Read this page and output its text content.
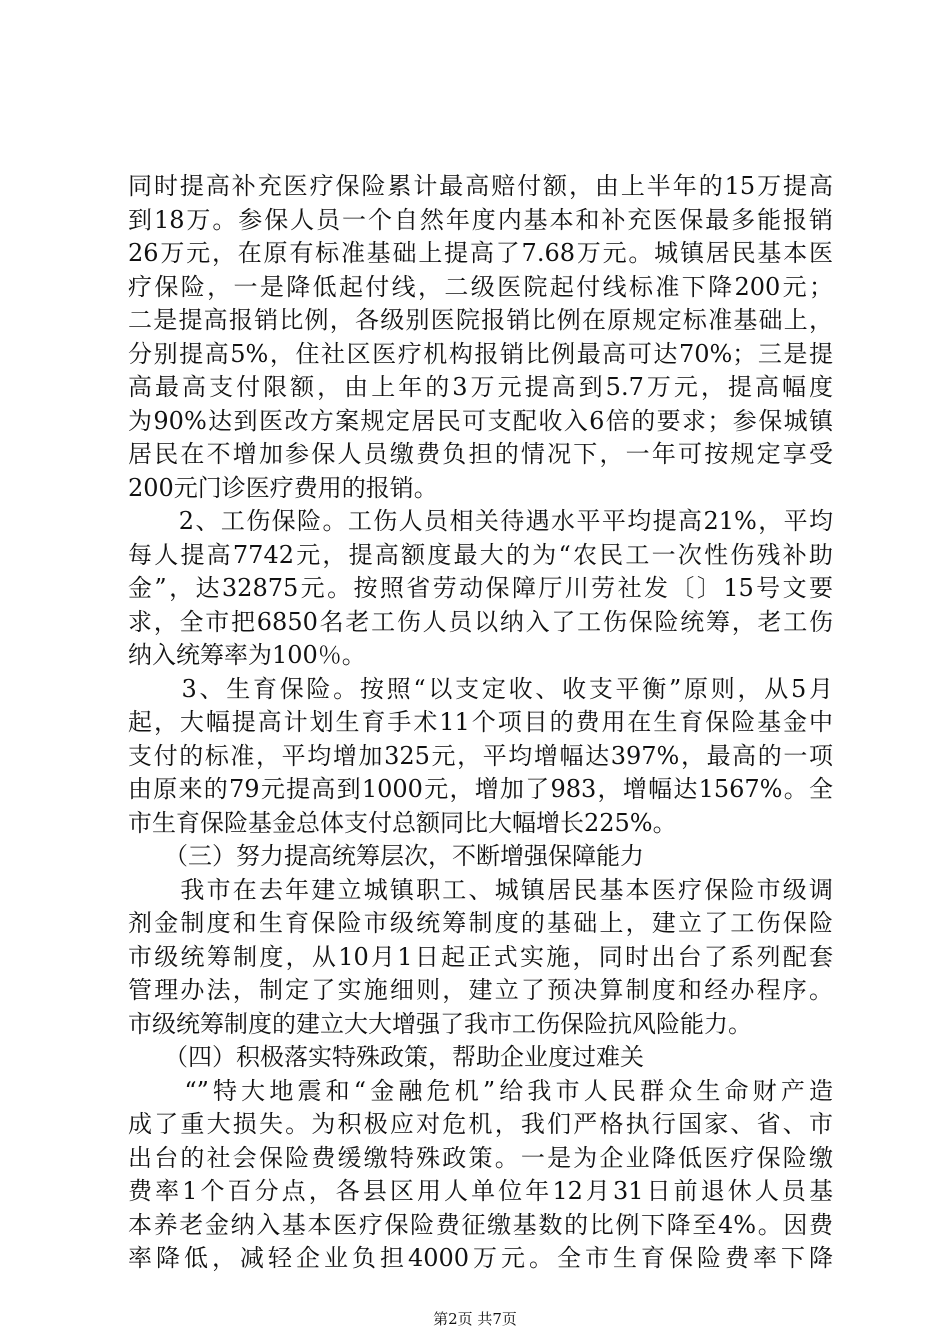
同时提高补充医疗保险累计最高赔付额，由上半年的15万提高
到18万。参保人员一个自然年度内基本和补充医保最多能报销
26万元，在原有标准基础上提高了7.68万元。城镇居民基本医
疗保险，一是降低起付线，二级医院起付线标准下降200元；
二是提高报销比例，各级别医院报销比例在原规定标准基础上，
分别提高5%，住社区医疗机构报销比例最高可达70%；三是提
高最高支付限额，由上年的3万元提高到5.7万元，提高幅度
为90%达到医改方案规定居民可支配收入6倍的要求；参保城镇
居民在不增加参保人员缴费负担的情况下，一年可按规定享受
200元门诊医疗费用的报销。
　　2、工伤保险。工伤人员相关待遇水平平均提高21%，平均
每人提高7742元，提高额度最大的为“农民工一次性伤残补助
金”，达32875元。按照省劳动保障厅川劳社发〔〕15号文要
求，全市把6850名老工伤人员以纳入了工伤保险统筹，老工伤
纳入统筹率为100％。
　　3、生育保险。按照“以支定收、收支平衡”原则，从5月
起，大幅提高计划生育手术11个项目的费用在生育保险基金中
支付的标准，平均增加325元，平均增幅达397%，最高的一项
由原来的79元提高到1000元，增加了983，增幅达1567%。全
市生育保险基金总体支付总额同比大幅增长225%。
　　（三）努力提高统筹层次，不断增强保障能力
　　我市在去年建立城镇职工、城镇居民基本医疗保险市级调
剂金制度和生育保险市级统筹制度的基础上，建立了工伤保险
市级统筹制度，从10月1日起正式实施，同时出台了系列配套
管理办法，制定了实施细则，建立了预决算制度和经办程序。
市级统筹制度的建立大大增强了我市工伤保险抗风险能力。
　　（四）积极落实特殊政策，帮助企业度过难关
　　“”特大地震和“金融危机”给我市人民群众生命财产造
成了重大损失。为积极应对危机，我们严格执行国家、省、市
出台的社会保险费缓缴特殊政策。一是为企业降低医疗保险缴
费率1个百分点，各县区用人单位年12月31日前退休人员基
本养老金纳入基本医疗保险费征缴基数的比例下降至4%。因费
率降低，减轻企业负担4000万元。全市生育保险费率下降
第2页 共7页
